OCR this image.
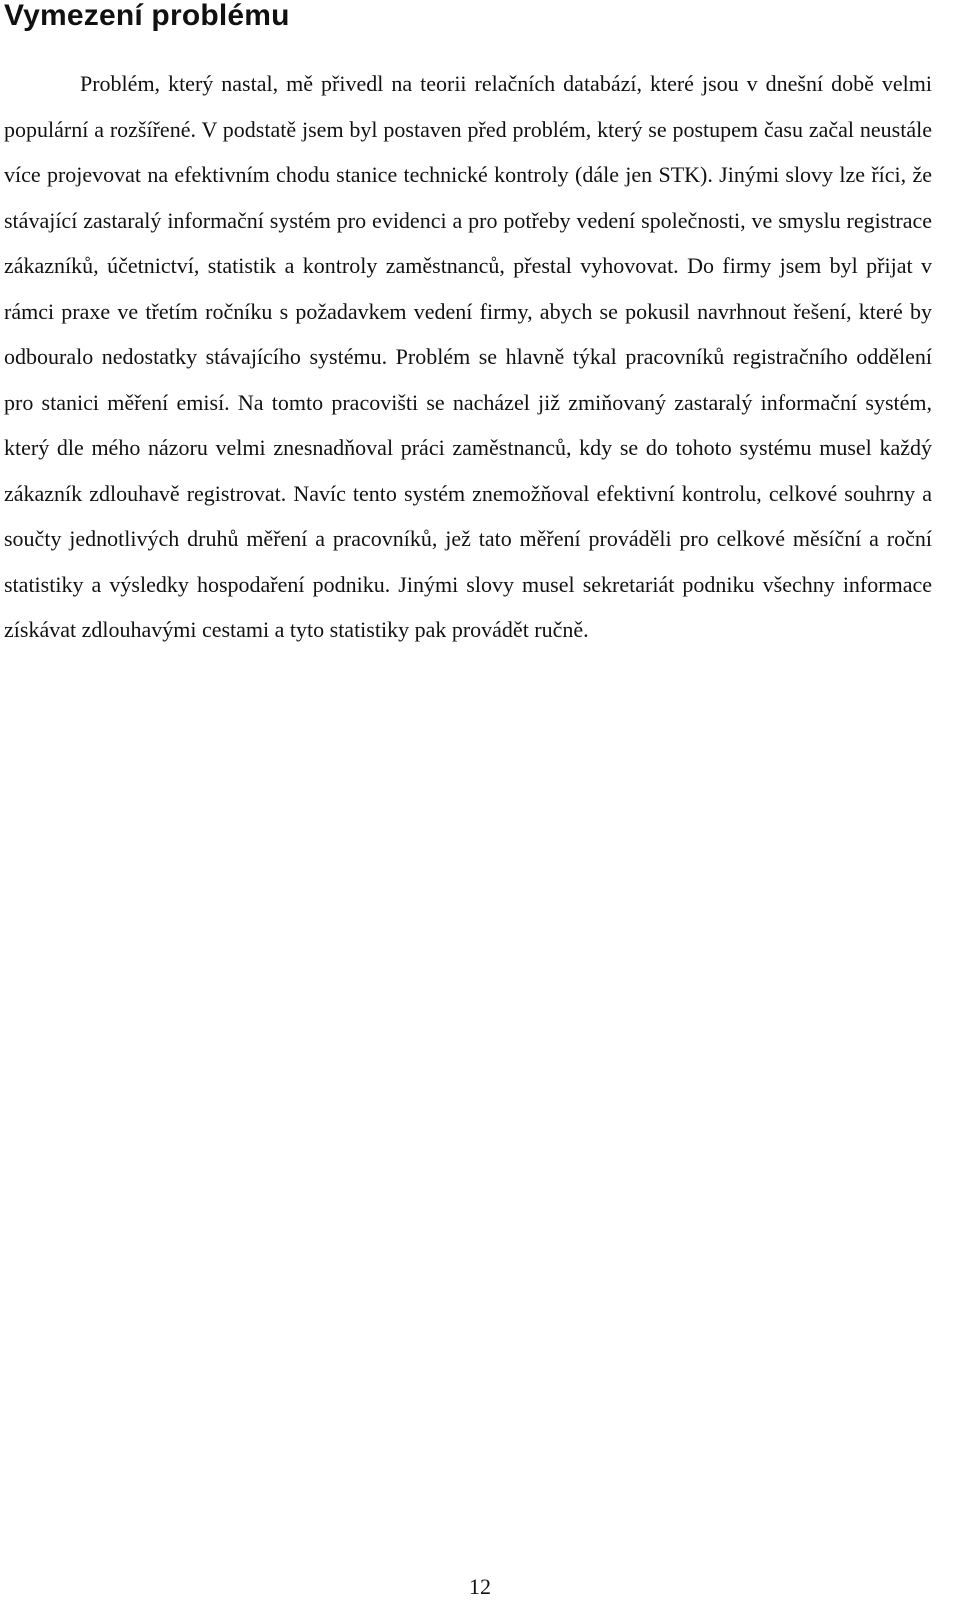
Vymezení problému

Problém, který nastal, mě přivedl na teorii relačních databází, které jsou v dnešní době velmi populární a rozšířené. V podstatě jsem byl postaven před problém, který se postupem času začal neustále více projevovat na efektivním chodu stanice technické kontroly (dále jen STK). Jinými slovy lze říci, že stávající zastaralý informační systém pro evidenci a pro potřeby vedení společnosti, ve smyslu registrace zákazníků, účetnictví, statistik a kontroly zaměstnanců, přestal vyhovovat. Do firmy jsem byl přijat v rámci praxe ve třetím ročníku s požadavkem vedení firmy, abych se pokusil navrhnout řešení, které by odbouralo nedostatky stávajícího systému. Problém se hlavně týkal pracovníků registračního oddělení pro stanici měření emisí. Na tomto pracovišti se nacházel již zmiňovaný zastaralý informační systém, který dle mého názoru velmi znesnadňoval práci zaměstnanců, kdy se do tohoto systému musel každý zákazník zdlouhavě registrovat. Navíc tento systém znemožňoval efektivní kontrolu, celkové souhrny a součty jednotlivých druhů měření a pracovníků, jež tato měření prováděli pro celkové měsíční a roční statistiky a výsledky hospodaření podniku. Jinými slovy musel sekretariát podniku všechny informace získávat zdlouhavými cestami a tyto statistiky pak provádět ručně.

12
